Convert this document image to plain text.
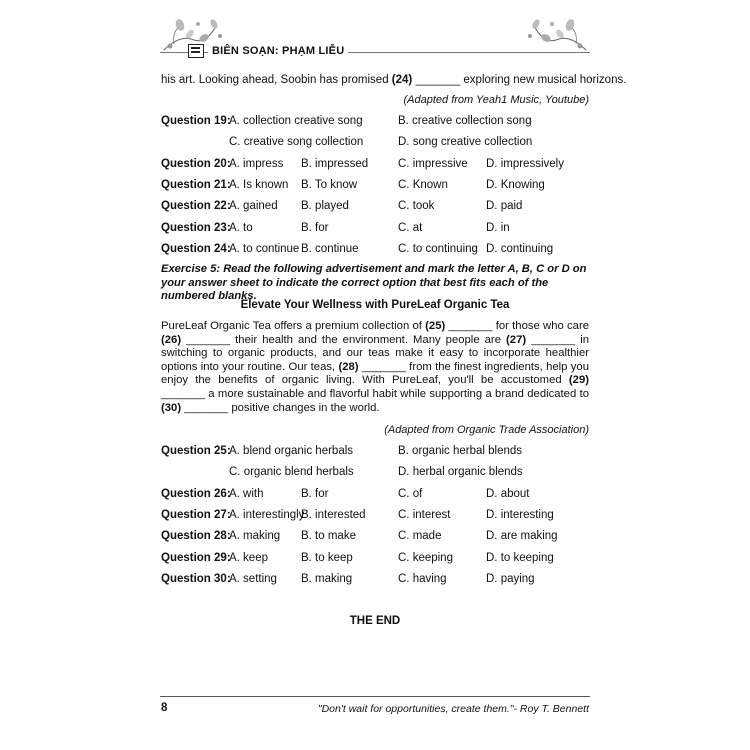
BIÊN SOẠN: PHẠM LIỄU
his art. Looking ahead, Soobin has promised (24) _______ exploring new musical horizons.
(Adapted from Yeah1 Music, Youtube)
Question 19:
A. collection creative song	B. creative collection song
C. creative song collection	D. song creative collection
Question 20:
A. impress B. impressed	C. impressive D. impressively
Question 21:
A. Is known B. To know	C. Known	D. Knowing
Question 22:
A. gained B. played	C. took	D. paid
Question 23:
A. to	B. for	C. at	D. in
Question 24:
A. to continue B. continue	C. to continuing D. continuing
Exercise 5: Read the following advertisement and mark the letter A, B, C or D on your answer sheet to indicate the correct option that best fits each of the numbered blanks.
Elevate Your Wellness with PureLeaf Organic Tea
PureLeaf Organic Tea offers a premium collection of (25) _______ for those who care (26) _______ their health and the environment. Many people are (27) _______ in switching to organic products, and our teas make it easy to incorporate healthier options into your routine. Our teas, (28) _______ from the finest ingredients, help you enjoy the benefits of organic living. With PureLeaf, you'll be accustomed (29) _______ a more sustainable and flavorful habit while supporting a brand dedicated to (30) _______ positive changes in the world.
(Adapted from Organic Trade Association)
Question 25:
A. blend organic herbals	B. organic herbal blends
C. organic blend herbals	D. herbal organic blends
Question 26:
A. with	B. for	C. of	D. about
Question 27:
A. interestingly
B. interested	C. interest	D. interesting
Question 28:
A. making B. to make	C. made	D. are making
Question 29:
A. keep	B. to keep	C. keeping	D. to keeping
Question 30:
A. setting B. making	C. having	D. paying
THE END
8	"Don't wait for opportunities, create them."- Roy T. Bennett
